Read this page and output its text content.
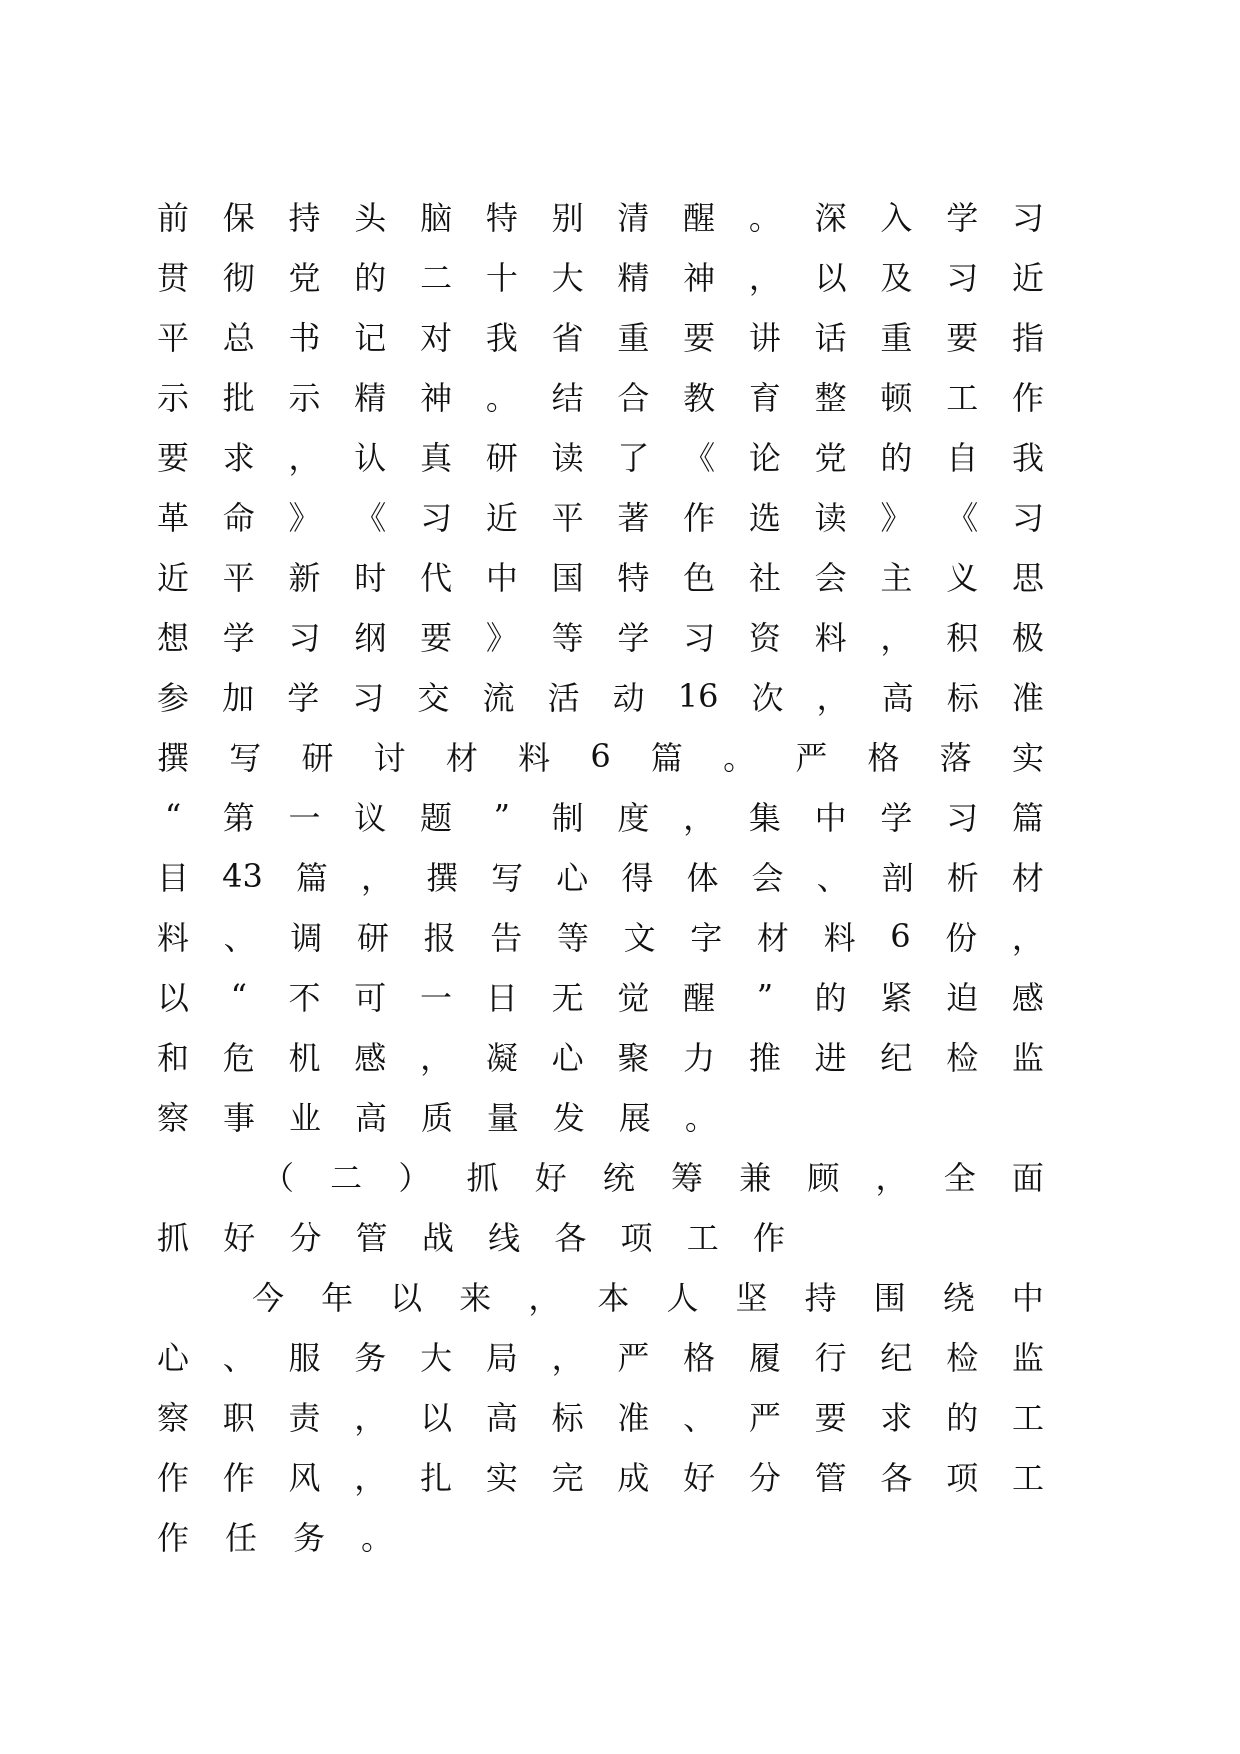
前 保 持 头 脑 特 别 清 醒 。 深 入 学 习
贯 彻 党 的 二 十 大 精 神 ， 以 及 习 近
平 总 书 记 对 我 省 重 要 讲 话 重 要 指
示 批 示 精 神 。 结 合 教 育 整 顿 工 作
要 求 ， 认 真 研 读 了 《 论 党 的 自 我
革 命 》 《 习 近 平 著 作 选 读 》 《 习
近 平 新 时 代 中 国 特 色 社 会 主 义 思
想 学 习 纲 要 》 等 学 习 资 料 ， 积 极
参 加 学 习 交 流 活 动 16 次 ， 高 标 准
撰 写 研 讨 材 料 6 篇 。 严 格 落 实
“ 第 一 议 题 ” 制 度 ， 集 中 学 习 篇
目 43 篇 ， 撰 写 心 得 体 会 、 剖 析 材
料 、 调 研 报 告 等 文 字 材 料 6 份 ，
以 “ 不 可 一 日 无 觉 醒 ” 的 紧 迫 感
和 危 机 感 ， 凝 心 聚 力 推 进 纪 检 监
察 事 业 高 质 量 发 展 。
（ 二 ） 抓 好 统 筹 兼 顾 ， 全 面
抓 好 分 管 战 线 各 项 工 作
今 年 以 来 ， 本 人 坚 持 围 绕 中
心 、 服 务 大 局 ， 严 格 履 行 纪 检 监
察 职 责 ， 以 高 标 准 、 严 要 求 的 工
作 作 风 ， 扎 实 完 成 好 分 管 各 项 工
作 任 务 。
